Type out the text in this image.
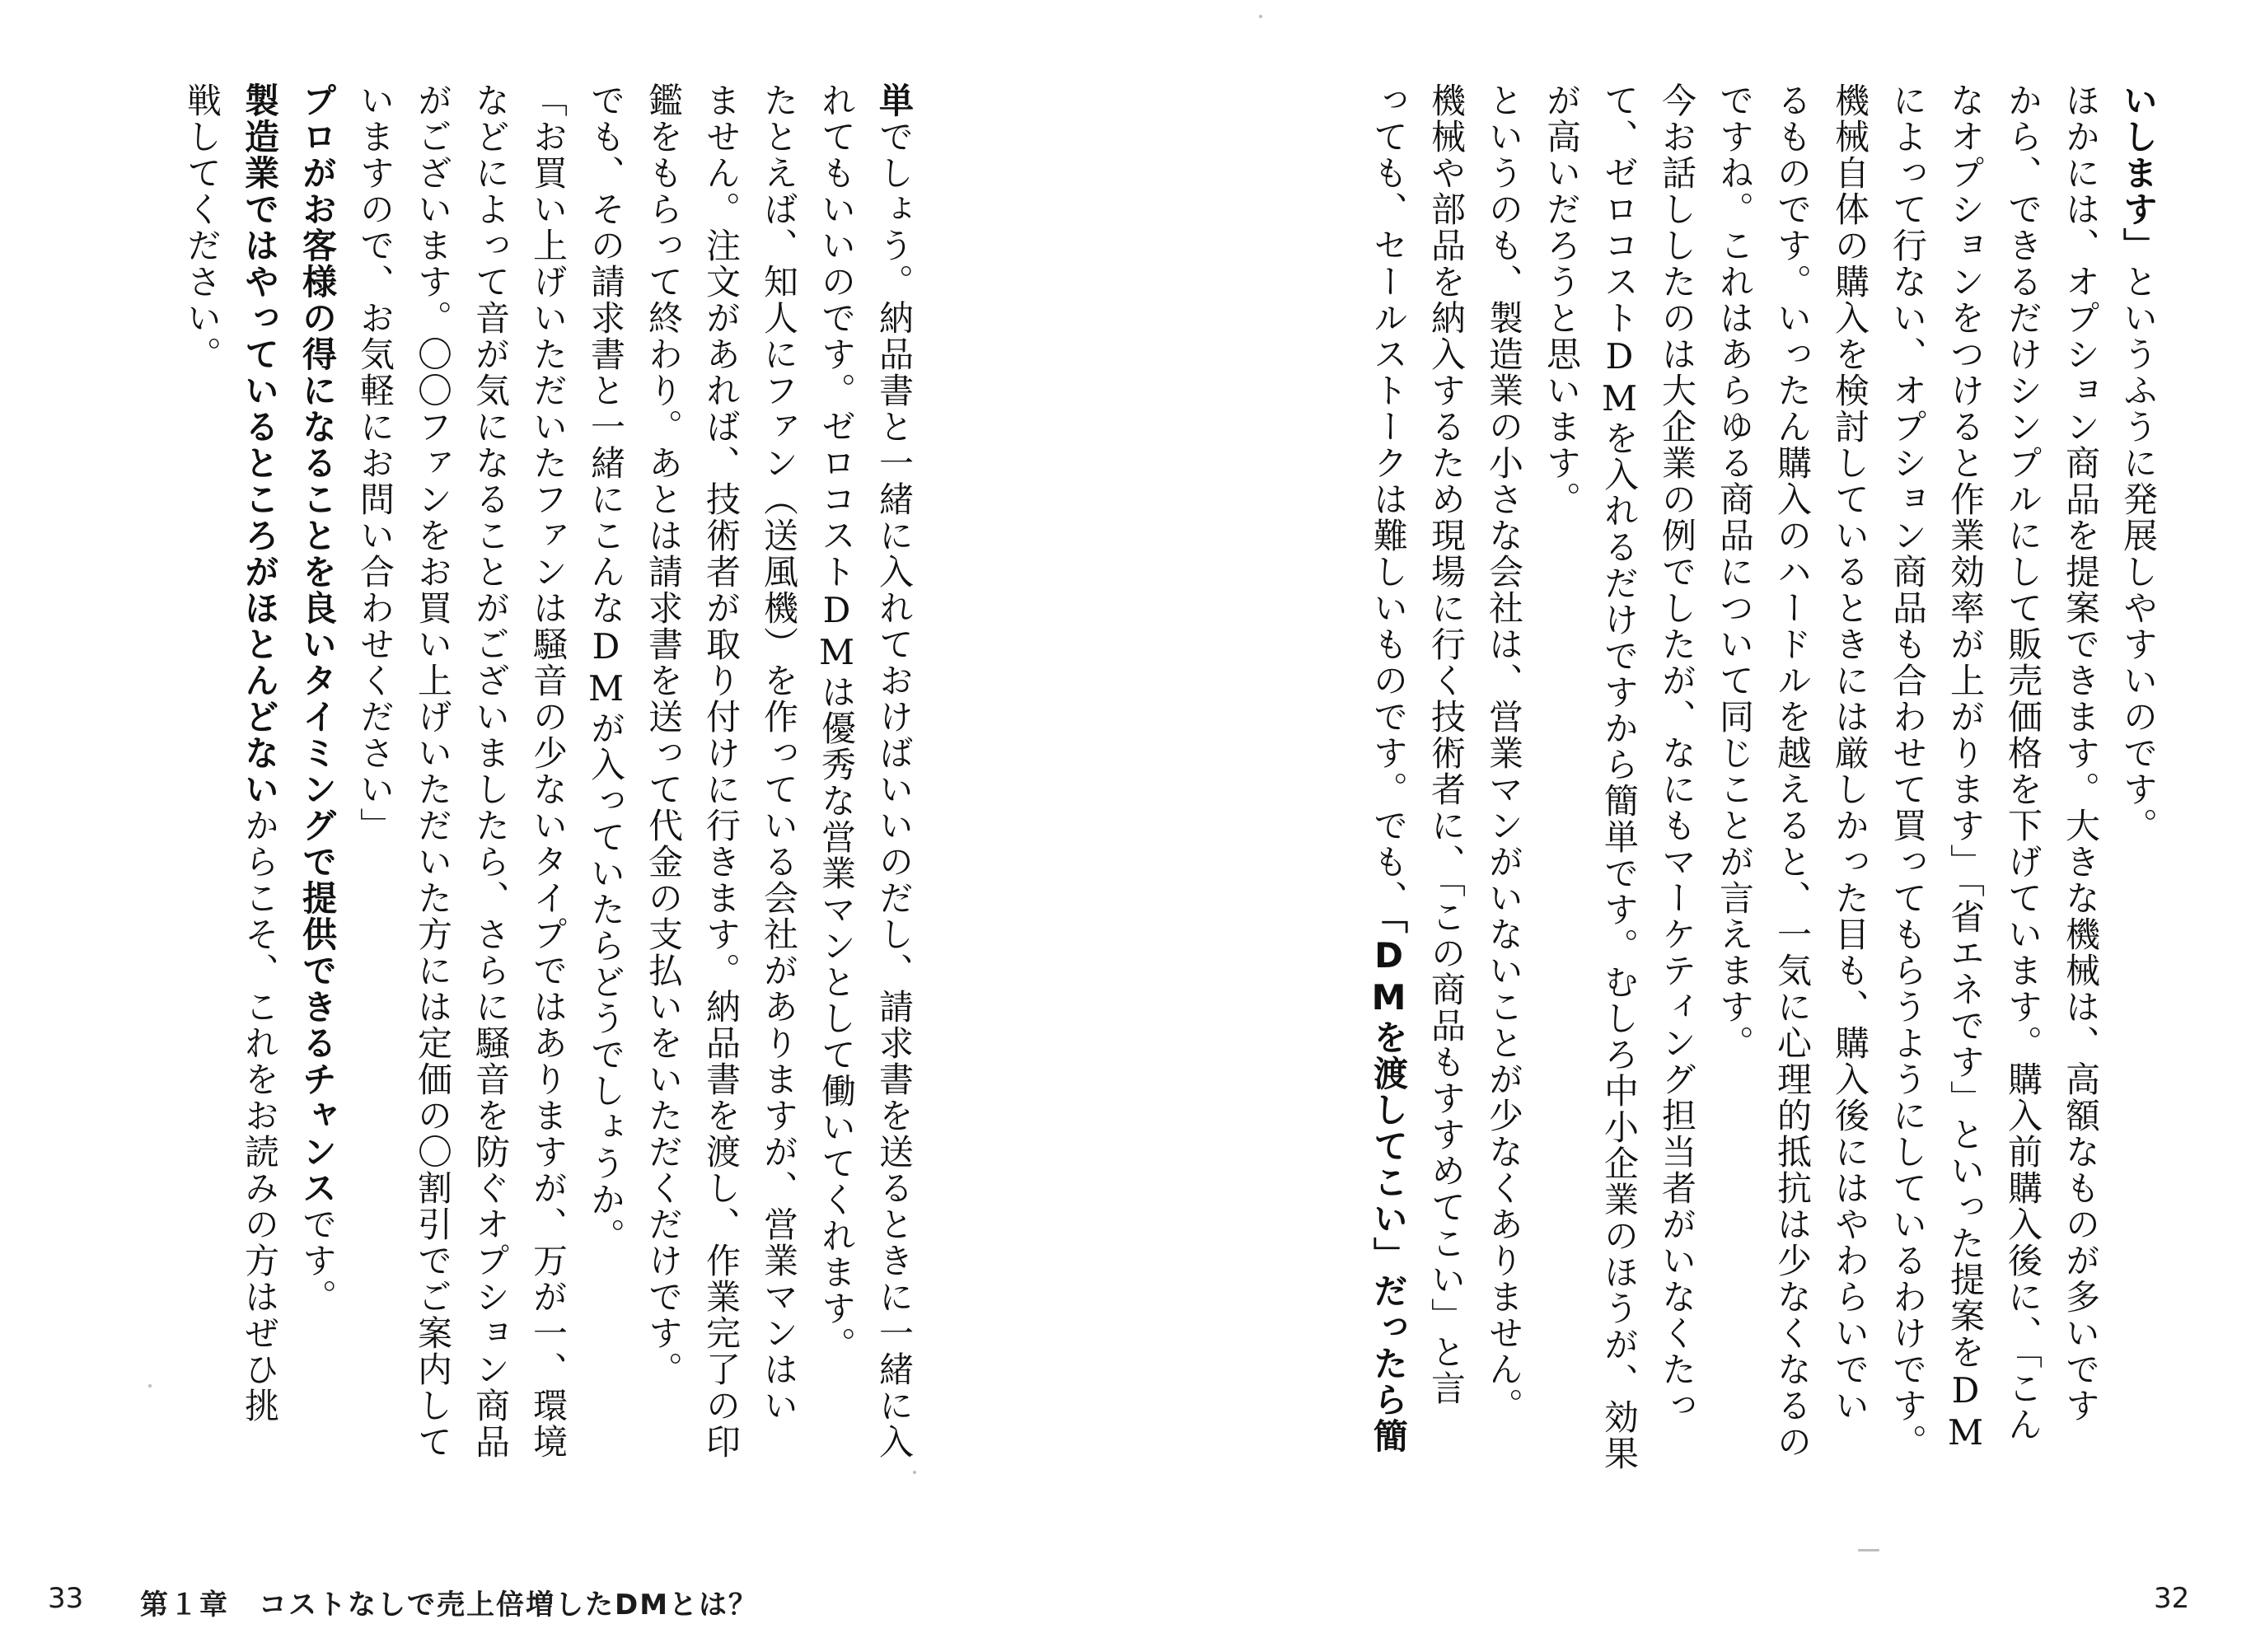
単でしょう。納品書と一緒に入れておけばいいのだし、請求書を送るときに一緒に入
れてもいいのです。ゼロコストDMは優秀な営業マンとして働いてくれます。
たとえば、知人にファン（送風機）を作っている会社がありますが、営業マンはい
ません。注文があれば、技術者が取り付けに行きます。納品書を渡し、作業完了の印
鑑をもらって終わり。あとは請求書を送って代金の支払いをいただくだけです。
でも、その請求書と一緒にこんなDMが入っていたらどうでしょうか。
「お買い上げいただいたファンは騒音の少ないタイプではありますが、万が一、環境
などによって音が気になることがございましたら、さらに騒音を防ぐオプション商品
がございます。〇〇ファンをお買い上げいただいた方には定価の〇割引でご案内して
いますので、お気軽にお問い合わせください」
プロがお客様の得になることを良いタイミングで提供できるチャンスです。
製造業ではやっているところがほとんどないからこそ、これをお読みの方はぜひ挑
戦してください。
33 第１章　コストなしで売上倍増したDMとは？
いします」というふうに発展しやすいのです。
ほかには、オプション商品を提案できます。大きな機械は、高額なものが多いです
から、できるだけシンプルにして販売価格を下げています。購入前購入後に、「こん
なオプションをつけると作業効率が上がります」「省エネです」といった提案をDM
によって行ない、オプション商品も合わせて買ってもらうようにしているわけです。
機械自体の購入を検討しているときには厳しかった目も、購入後にはやわらいでい
るものです。いったん購入のハードルを越えると、一気に心理的抵抗は少なくなるの
ですね。これはあらゆる商品について同じことが言えます。
今お話ししたのは大企業の例でしたが、なにもマーケティング担当者がいなくたっ
て、ゼロコストDMを入れるだけですから簡単です。むしろ中小企業のほうが、効果
が高いだろうと思います。
というのも、製造業の小さな会社は、営業マンがいないことが少なくありません。
機械や部品を納入するため現場に行く技術者に、「この商品もすすめてこい」と言
っても、セールストークは難しいものです。でも、「DMを渡してこい」だったら簡
32
